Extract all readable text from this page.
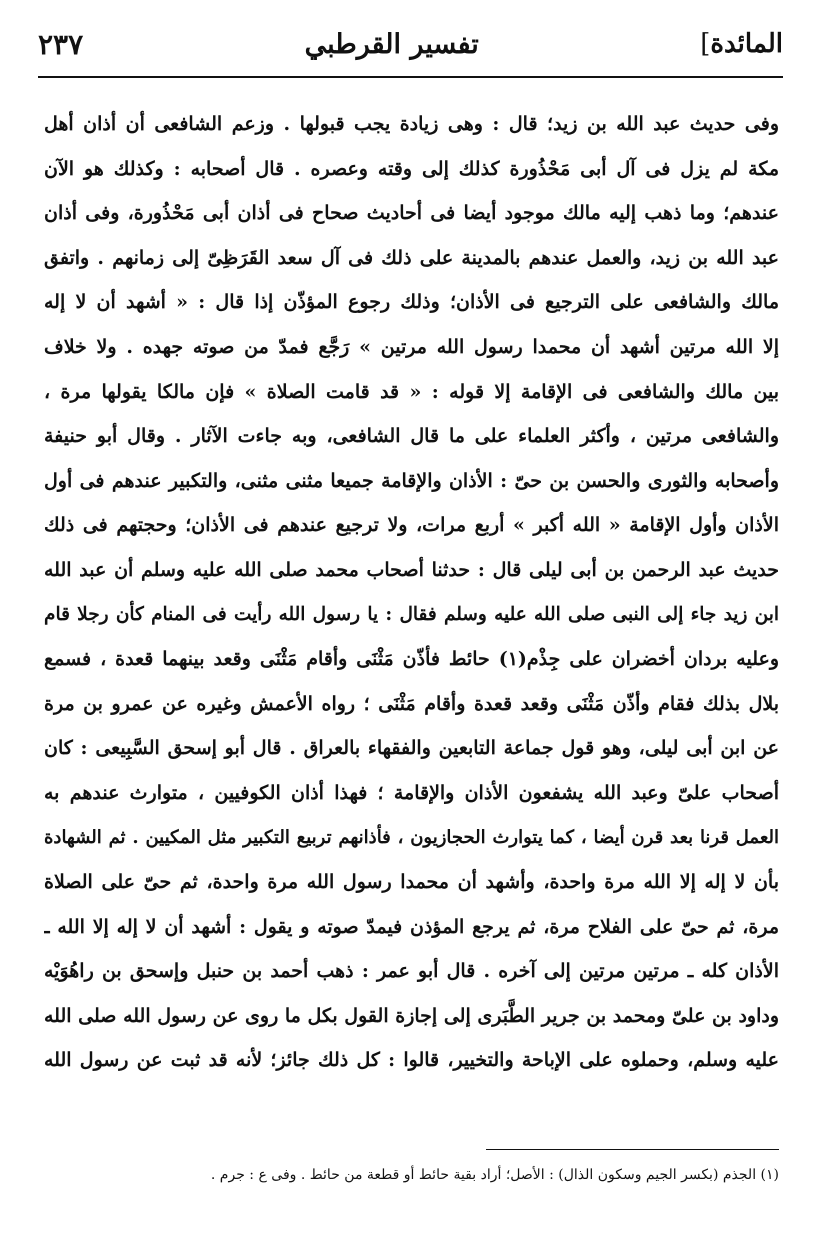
المائدة]
تفسير القرطبي
٢٣٧
وفى حديث عبد الله بن زيد؛ قال : وهى زيادة يجب قبولها . وزعم الشافعى أن أذان أهل
مكة لم يزل فى آل أبى مَحْذُورة كذلك إلى وقته وعصره . قال أصحابه : وكذلك هو الآن
عندهم؛ وما ذهب إليه مالك موجود أيضا فى أحاديث صحاح فى أذان أبى مَحْذُورة، وفى أذان
عبد الله بن زيد، والعمل عندهم بالمدينة على ذلك فى آل سعد القَرَظِىّ إلى زمانهم . واتفق
مالك والشافعى على الترجيع فى الأذان؛ وذلك رجوع المؤذّن إذا قال : « أشهد أن لا إله
إلا الله مرتين أشهد أن محمدا رسول الله مرتين » رَجَّع فمدّ من صوته جهده . ولا خلاف
بين مالك والشافعى فى الإقامة إلا قوله : « قد قامت الصلاة » فإن مالكا يقولها مرة ،
والشافعى مرتين ، وأكثر العلماء على ما قال الشافعى، وبه جاءت الآثار . وقال أبو حنيفة
وأصحابه والثورى والحسن بن حىّ : الأذان والإقامة جميعا مثنى مثنى، والتكبير عندهم فى أول
الأذان وأول الإقامة « الله أكبر » أربع مرات، ولا ترجيع عندهم فى الأذان؛ وحجتهم فى ذلك
حديث عبد الرحمن بن أبى ليلى قال : حدثنا أصحاب محمد صلى الله عليه وسلم أن عبد الله
ابن زيد جاء إلى النبى صلى الله عليه وسلم فقال : يا رسول الله رأيت فى المنام كأن رجلا قام
وعليه بردان أخضران على جِذْم(١) حائط فأذّن مَثْنَى وأقام مَثْنَى وقعد بينهما قعدة ، فسمع
بلال بذلك فقام وأذّن مَثْنَى وقعد قعدة وأقام مَثْنَى ؛ رواه الأعمش وغيره عن عمرو بن مرة
عن ابن أبى ليلى، وهو قول جماعة التابعين والفقهاء بالعراق . قال أبو إسحق السَّبِيعى : كان
أصحاب علىّ وعبد الله يشفعون الأذان والإقامة ؛ فهذا أذان الكوفيين ، متوارث عندهم به
العمل قرنا بعد قرن أيضا ، كما يتوارث الحجازيون ، فأذانهم تربيع التكبير مثل المكيين . ثم الشهادة
بأن لا إله إلا الله مرة واحدة، وأشهد أن محمدا رسول الله مرة واحدة، ثم حىّ على الصلاة
مرة، ثم حىّ على الفلاح مرة، ثم يرجع المؤذن فيمدّ صوته و يقول : أشهد أن لا إله إلا الله ـ
الأذان كله ـ مرتين مرتين إلى آخره . قال أبو عمر : ذهب أحمد بن حنبل وإسحق بن راهُوَيْه
وداود بن علىّ ومحمد بن جرير الطَّبَرى إلى إجازة القول بكل ما روى عن رسول الله صلى الله
عليه وسلم، وحملوه على الإباحة والتخيير، قالوا : كل ذلك جائز؛ لأنه قد ثبت عن رسول الله
(١) الجذم (بكسر الجيم وسكون الذال) : الأصل؛ أراد بقية حائط أو قطعة من حائط . وفى ع : جرم .
